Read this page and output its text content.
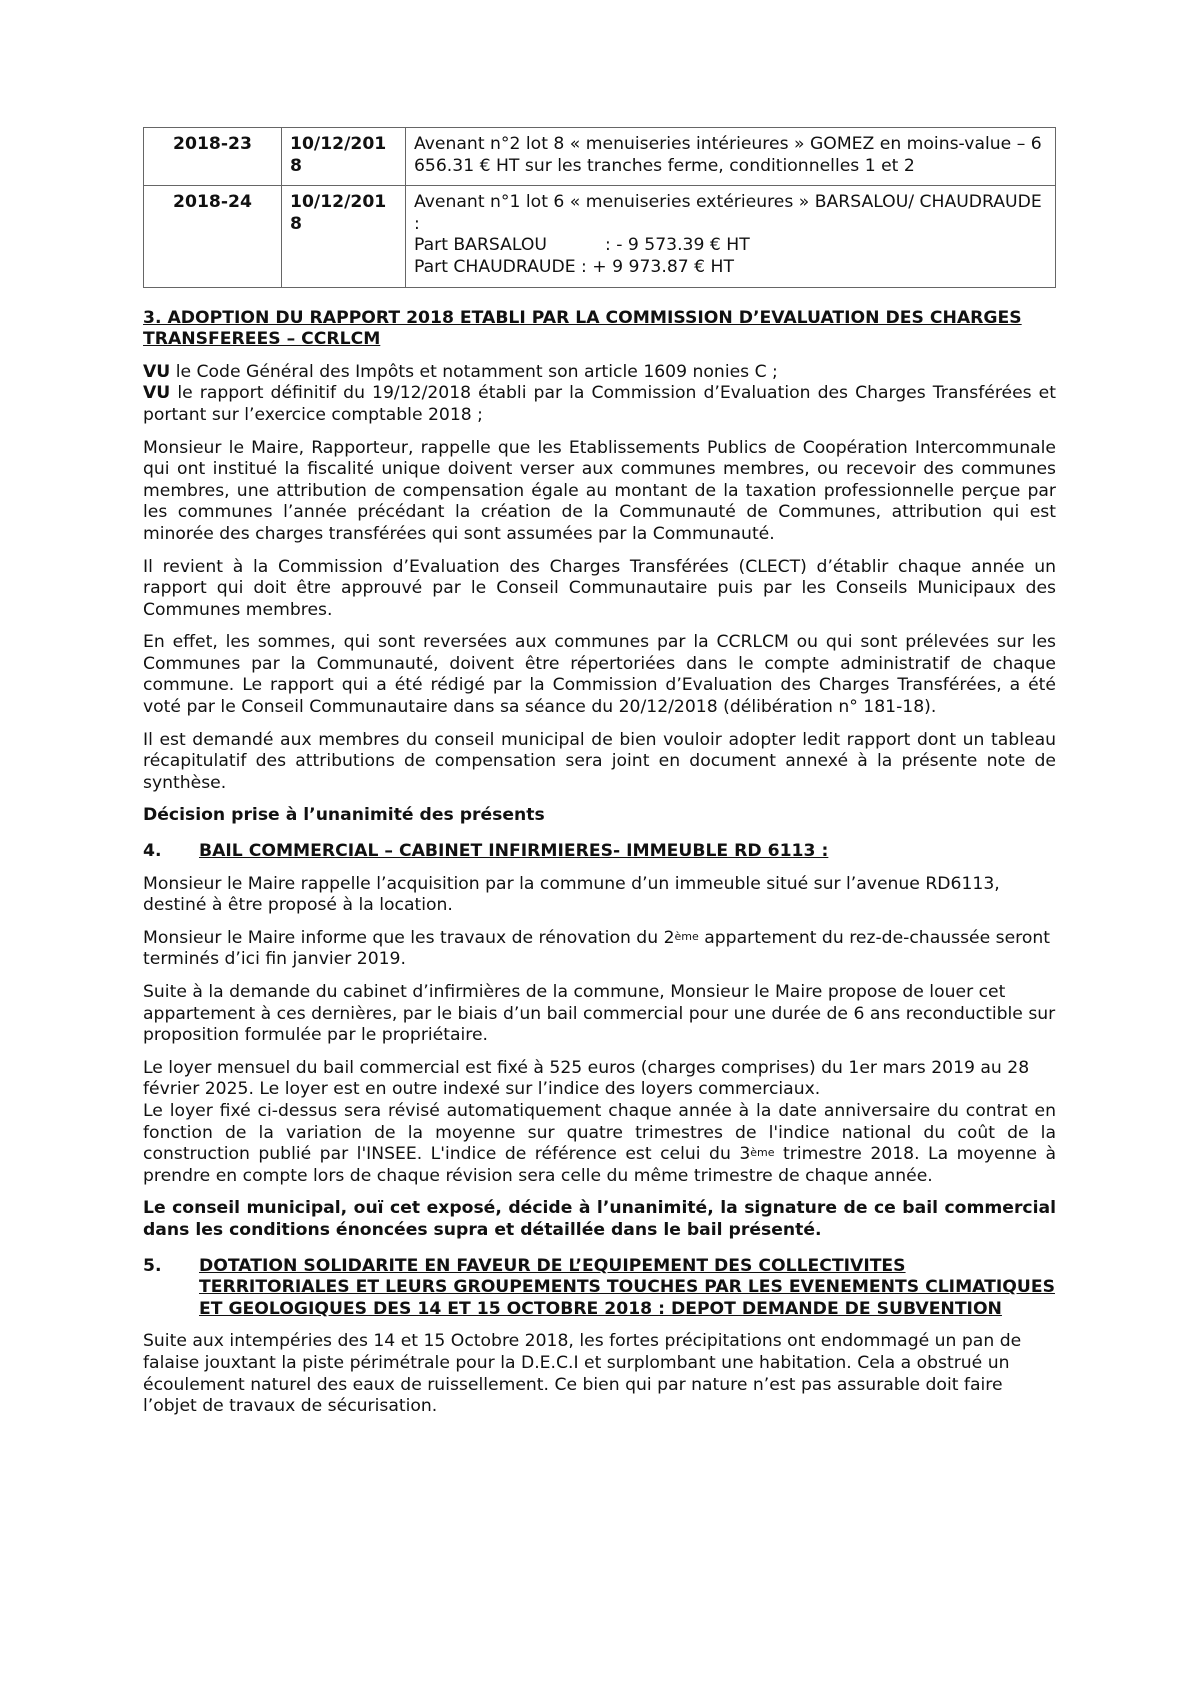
2018-23	10/12/2018	Avenant n°2 lot 8 « menuiseries intérieures » GOMEZ en moins-value – 6 656.31 € HT sur les tranches ferme, conditionnelles 1 et 2

2018-24	10/12/2018	Avenant n°1 lot 6 « menuiseries extérieures » BARSALOU/ CHAUDRAUDE :
Part BARSALOU : - 9 573.39 € HT
Part CHAUDRAUDE : + 9 973.87 € HT
3. ADOPTION DU RAPPORT 2018 ETABLI PAR LA COMMISSION D’EVALUATION DES CHARGES TRANSFEREES – CCRLCM

VU le Code Général des Impôts et notamment son article 1609 nonies C ;

VU le rapport définitif du 19/12/2018 établi par la Commission d’Evaluation des Charges Transférées et portant sur l’exercice comptable 2018 ;

Monsieur le Maire, Rapporteur, rappelle que les Etablissements Publics de Coopération Intercommunale qui ont institué la fiscalité unique doivent verser aux communes membres, ou recevoir des communes membres, une attribution de compensation égale au montant de la taxation professionnelle perçue par les communes l’année précédant la création de la Communauté de Communes, attribution qui est minorée des charges transférées qui sont assumées par la Communauté.

Il revient à la Commission d’Evaluation des Charges Transférées (CLECT) d’établir chaque année un rapport qui doit être approuvé par le Conseil Communautaire puis par les Conseils Municipaux des Communes membres.

En effet, les sommes, qui sont reversées aux communes par la CCRLCM ou qui sont prélevées sur les Communes par la Communauté, doivent être répertoriées dans le compte administratif de chaque commune. Le rapport qui a été rédigé par la Commission d’Evaluation des Charges Transférées, a été voté par le Conseil Communautaire dans sa séance du 20/12/2018 (délibération n° 181-18).

Il est demandé aux membres du conseil municipal de bien vouloir adopter ledit rapport dont un tableau récapitulatif des attributions de compensation sera joint en document annexé à la présente note de synthèse.

Décision prise à l’unanimité des présents

4.	BAIL COMMERCIAL – CABINET INFIRMIERES- IMMEUBLE RD 6113 :

Monsieur le Maire rappelle l’acquisition par la commune d’un immeuble situé sur l’avenue RD6113, destiné à être proposé à la location.

Monsieur le Maire informe que les travaux de rénovation du 2ème appartement du rez-de-chaussée seront terminés d’ici fin janvier 2019.

Suite à la demande du cabinet d’infirmières de la commune, Monsieur le Maire propose de louer cet appartement à ces dernières, par le biais d’un bail commercial pour une durée de 6 ans reconductible sur proposition formulée par le propriétaire.

Le loyer mensuel du bail commercial est fixé à 525 euros (charges comprises) du 1er mars 2019 au 28 février 2025. Le loyer est en outre indexé sur l’indice des loyers commerciaux.

Le loyer fixé ci-dessus sera révisé automatiquement chaque année à la date anniversaire du contrat en fonction de la variation de la moyenne sur quatre trimestres de l'indice national du coût de la construction publié par l'INSEE. L'indice de référence est celui du 3ème trimestre 2018. La moyenne à prendre en compte lors de chaque révision sera celle du même trimestre de chaque année.

Le conseil municipal, ouï cet exposé, décide à l’unanimité, la signature de ce bail commercial dans les conditions énoncées supra et détaillée dans le bail présenté.

5.	DOTATION SOLIDARITE EN FAVEUR DE L’EQUIPEMENT DES COLLECTIVITES TERRITORIALES ET LEURS GROUPEMENTS TOUCHES PAR LES EVENEMENTS CLIMATIQUES ET GEOLOGIQUES DES 14 ET 15 OCTOBRE 2018 : DEPOT DEMANDE DE SUBVENTION

Suite aux intempéries des 14 et 15 Octobre 2018, les fortes précipitations ont endommagé un pan de falaise jouxtant la piste périmétrale pour la D.E.C.I et surplombant une habitation. Cela a obstrué un écoulement naturel des eaux de ruissellement. Ce bien qui par nature n’est pas assurable doit faire l’objet de travaux de sécurisation.
